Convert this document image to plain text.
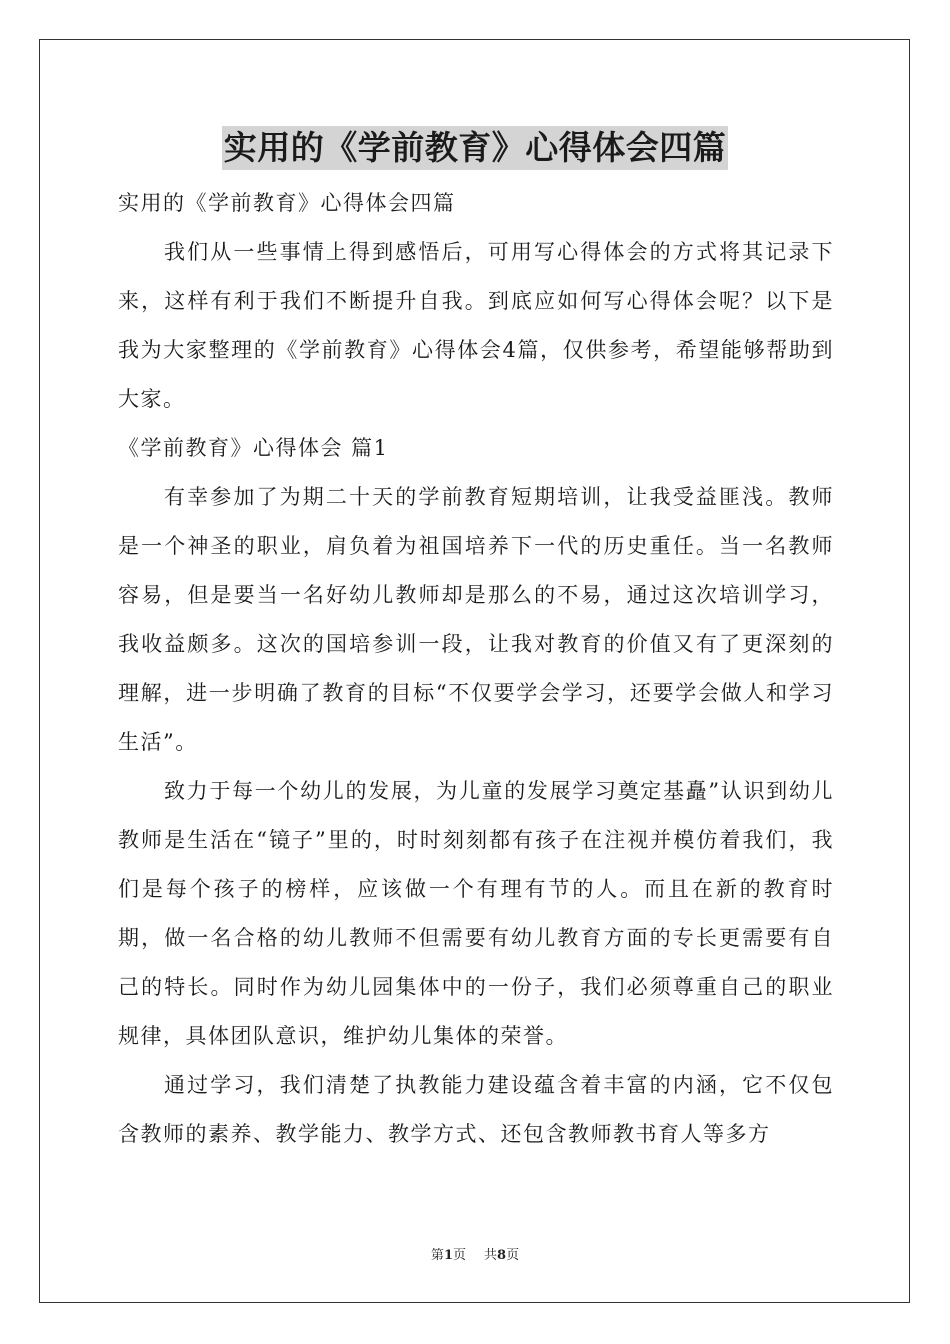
实用的《学前教育》心得体会四篇

实用的《学前教育》心得体会四篇

我们从一些事情上得到感悟后，可用写心得体会的方式将其记录下来，这样有利于我们不断提升自我。到底应如何写心得体会呢？以下是我为大家整理的《学前教育》心得体会4篇，仅供参考，希望能够帮助到大家。

《学前教育》心得体会 篇1

有幸参加了为期二十天的学前教育短期培训，让我受益匪浅。教师是一个神圣的职业，肩负着为祖国培养下一代的历史重任。当一名教师容易，但是要当一名好幼儿教师却是那么的不易，通过这次培训学习，我收益颇多。这次的国培参训一段，让我对教育的价值又有了更深刻的理解，进一步明确了教育的目标“不仅要学会学习，还要学会做人和学习生活”。

致力于每一个幼儿的发展，为儿童的发展学习奠定基矗”认识到幼儿教师是生活在“镜子”里的，时时刻刻都有孩子在注视并模仿着我们，我们是每个孩子的榜样，应该做一个有理有节的人。而且在新的教育时期，做一名合格的幼儿教师不但需要有幼儿教育方面的专长更需要有自己的特长。同时作为幼儿园集体中的一份子，我们必须尊重自己的职业规律，具体团队意识，维护幼儿集体的荣誉。

通过学习，我们清楚了执教能力建设蕴含着丰富的内涵，它不仅包含教师的素养、教学能力、教学方式、还包含教师教书育人等多方

第1页 共8页
